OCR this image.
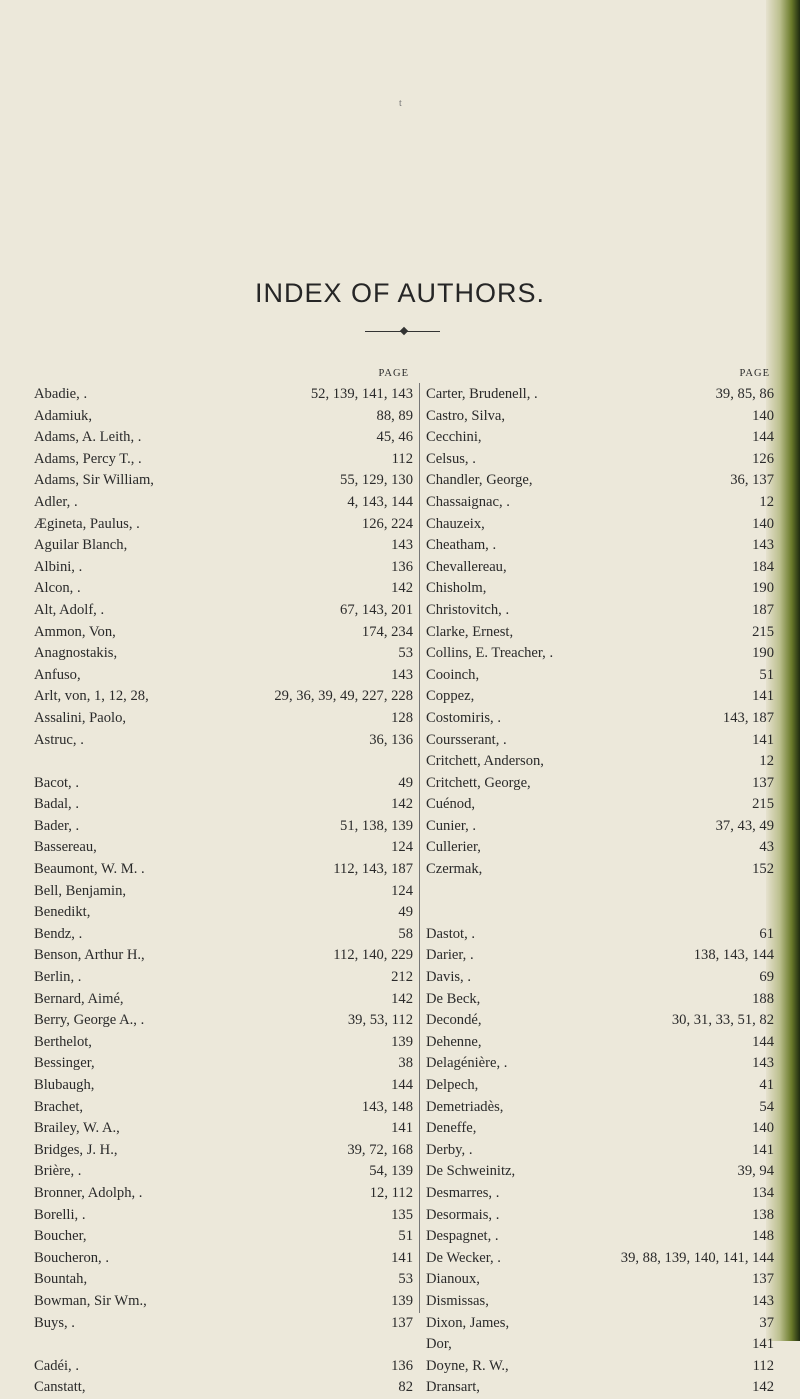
t
INDEX OF AUTHORS.
PAGE
Abadie, .	52, 139, 141, 143
Adamiuk,	88, 89
Adams, A. Leith, .	45, 46
Adams, Percy T., .	112
Adams, Sir William,	55, 129, 130
Adler, .	4, 143, 144
Ægineta, Paulus, .	126, 224
Aguilar Blanch,	143
Albini, .	136
Alcon, .	142
Alt, Adolf, .	67, 143, 201
Ammon, Von,	174, 234
Anagnostakis,	53
Anfuso,	143
Arlt, von, 1, 12, 28,	29, 36, 39, 49, 227, 228
Assalini, Paolo,	128
Astruc, .	36, 136
Bacot, .	49
Badal, .	142
Bader, .	51, 138, 139
Bassereau,	124
Beaumont, W. M. .	112, 143, 187
Bell, Benjamin,	124
Benedikt,	49
Bendz, .	58
Benson, Arthur H.,	112, 140, 229
Berlin, .	212
Bernard, Aimé,	142
Berry, George A., .	39, 53, 112
Berthelot,	139
Bessinger,	38
Blubaugh,	144
Brachet,	143, 148
Brailey, W. A.,	141
Bridges, J. H.,	39, 72, 168
Brière, .	54, 139
Bronner, Adolph, .	12, 112
Borelli, .	135
Boucher,	51
Boucheron, .	141
Bountah,	53
Bowman, Sir Wm.,	139
Buys, .	137
Cadéi, .	136
Canstatt,	82
PAGE
Carter, Brudenell, .	39, 85, 86
Castro, Silva,	140
Cecchini,	144
Celsus, .	126
Chandler, George,	36, 137
Chassaignac, .	12
Chauzeix,	140
Cheatham, .	143
Chevallereau,	184
Chisholm,	190
Christovitch, .	187
Clarke, Ernest,	215
Collins, E. Treacher, .	190
Cooinch,	51
Coppez,	141
Costomiris, .	143, 187
Coursserant, .	141
Critchett, Anderson,	12
Critchett, George,	137
Cuénod,	215
Cunier, .	37, 43, 49
Cullerier,	43
Czermak,	152
Dastot, .	61
Darier, .	138, 143, 144
Davis, .	69
De Beck,	188
Decondé,	30, 31, 33, 51, 82
Dehenne,	144
Delagénière, .	143
Delpech,	41
Demetriadès,	54
Deneffe,	140
Derby, .	141
De Schweinitz,	39, 94
Desmarres, .	134
Desormais, .	138
Despagnet, .	148
De Wecker, .	39, 88, 139, 140, 141, 144
Dianoux,	137
Dismissas,	143
Dixon, James,	37
Dor,	141
Doyne, R. W.,	112
Dransart,	142
